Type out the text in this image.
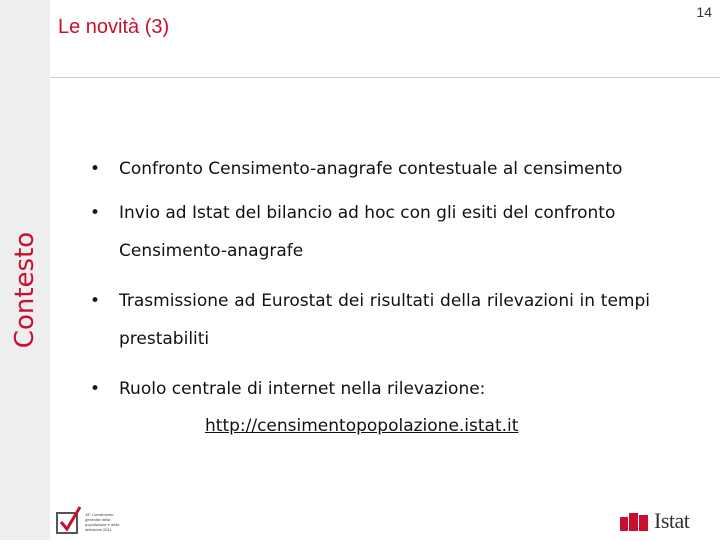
Contesto
Le novità (3)
14
• Confronto Censimento-anagrafe contestuale al censimento
• Invio ad Istat del bilancio ad hoc con gli esiti del confronto Censimento-anagrafe
• Trasmissione ad Eurostat dei risultati della rilevazioni in tempi prestabiliti
• Ruolo centrale di internet nella rilevazione:
http://censimentopopolazione.istat.it
15° Censimento generale della popolazione e delle abitazioni 2011	Istat
